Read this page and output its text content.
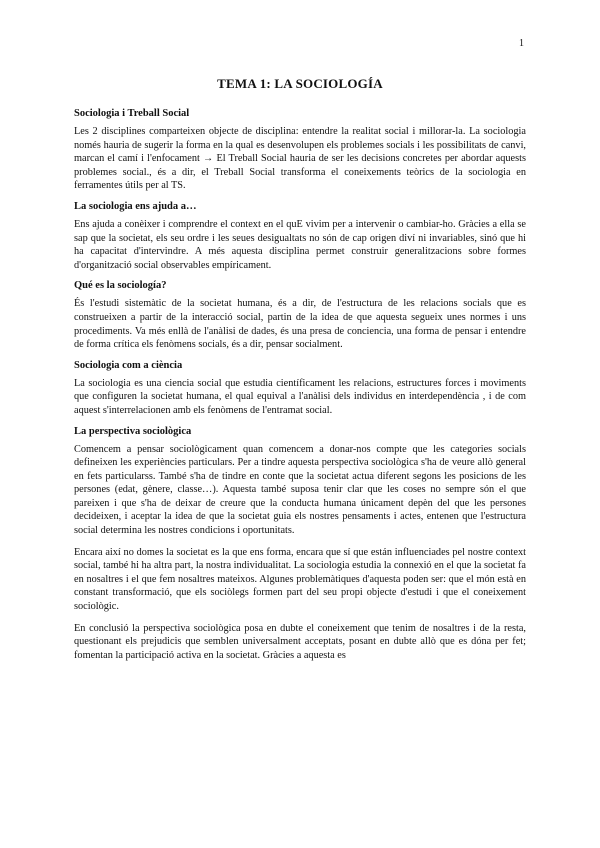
1
TEMA 1: LA SOCIOLOGÍA
Sociologia i Treball Social

Les 2 disciplines comparteixen objecte de disciplina: entendre la realitat social i millorar-la. La sociologia només hauria de sugerir la forma en la qual es desenvolupen els problemes socials i les possibilitats de canvi, marcan el camí i l'enfocament → El Treball Social hauria de ser les decisions concretes per abordar aquests problemes social., és a dir, el Treball Social transforma el coneixements teòrics de la sociologia en ferramentes útils per al TS.

La sociologia ens ajuda a…

Ens ajuda a conèixer i comprendre el context en el quE vivim per a intervenir o cambiar-ho. Gràcies a ella se sap que la societat, els seu ordre i les seues desigualtats no són de cap origen diví ni invariables, sinó que hi ha capacitat d'intervindre. A més aquesta disciplina permet construir generalitzacions sobre formes d'organització social observables empíricament.

Qué es la sociología?

És l'estudi sistemàtic de la societat humana, és a dir, de l'estructura de les relacions socials que es construeixen a partir de la interacció social, partin de la idea de que aquesta segueix unes normes i uns procediments. Va més enllà de l'anàlisi de dades, és una presa de conciencia, una forma de pensar i entendre de forma crítica els fenòmens socials, és a dir, pensar socialment.

Sociologia com a ciència

La sociologia es una ciencia social que estudia científicament les relacions, estructures forces i moviments que configuren la societat humana, el qual equival a l'anàlisi dels individus en interdependència , i de com aquest s'interrelacionen amb els fenòmens de l'entramat social.

La perspectiva sociològica

Comencem a pensar sociològicament quan comencem a donar-nos compte que les categories socials defineixen les experiències particulars. Per a tindre aquesta perspectiva sociològica s'ha de veure allò general en fets particularss. També s'ha de tindre en conte que la societat actua diferent segons les posicions de les persones (edat, gènere, classe…). Aquesta també suposa tenir clar que les coses no sempre són el que pareixen i que s'ha de deixar de creure que la conducta humana únicament depèn del que les persones decideixen, i aceptar la idea de que la societat guia els nostres pensaments i actes, entenen que l'estructura social determina les nostres condicions i oportunitats.

Encara així no domes la societat es la que ens forma, encara que sí que están influenciades pel nostre context social, també hi ha altra part, la nostra individualitat. La sociologia estudia la connexió en el que la societat fa en nosaltres i el que fem nosaltres mateixos. Algunes problemàtiques d'aquesta poden ser: que el món està en constant transformació, que els sociòlegs formen part del seu propi objecte d'estudi i que el coneixement sociològic.

En conclusió la perspectiva sociològica posa en dubte el coneixement que tenim de nosaltres i de la resta, questionant els prejudicis que semblen universalment acceptats, posant en dubte allò que es dóna per fet; fomentan la participació activa en la societat. Gràcies a aquesta es
